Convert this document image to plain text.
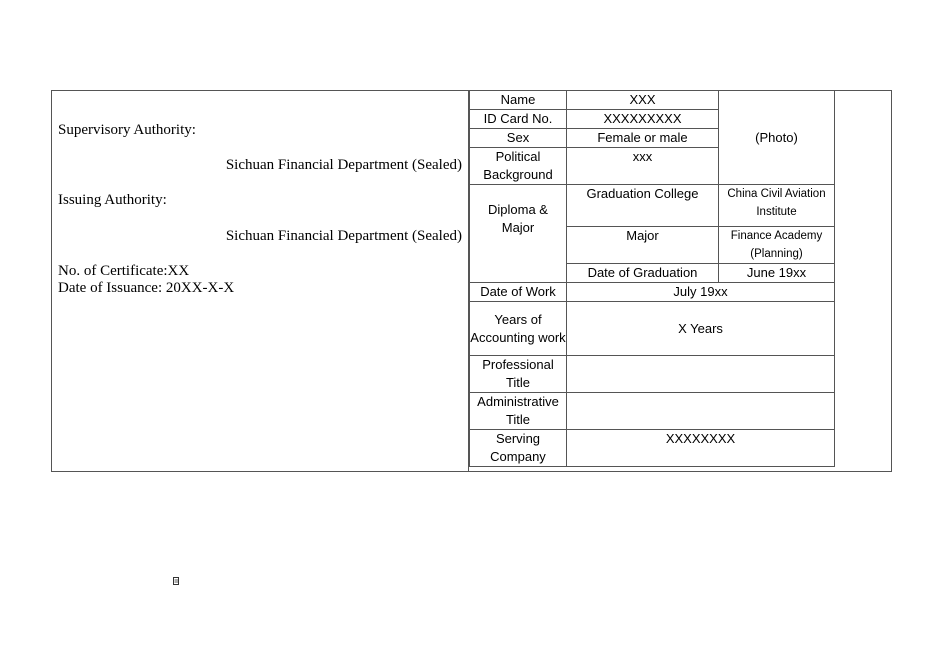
Supervisory Authority:
Sichuan Financial Department (Sealed)
Issuing Authority:
Sichuan Financial Department (Sealed)
No. of Certificate:XX
Date of Issuance: 20XX-X-X
Name	XXX	(Photo)
ID Card No.	XXXXXXXXX	
Sex	Female or male	
Political Background	xxx	
Diploma & Major	Graduation College	China Civil Aviation Institute
	Major	Finance Academy (Planning)
	Date of Graduation	June 19xx
Date of Work	July 19xx	
Years of Accounting work	X Years	
Professional Title		
Administrative Title		
Serving Company	XXXXXXXX	
